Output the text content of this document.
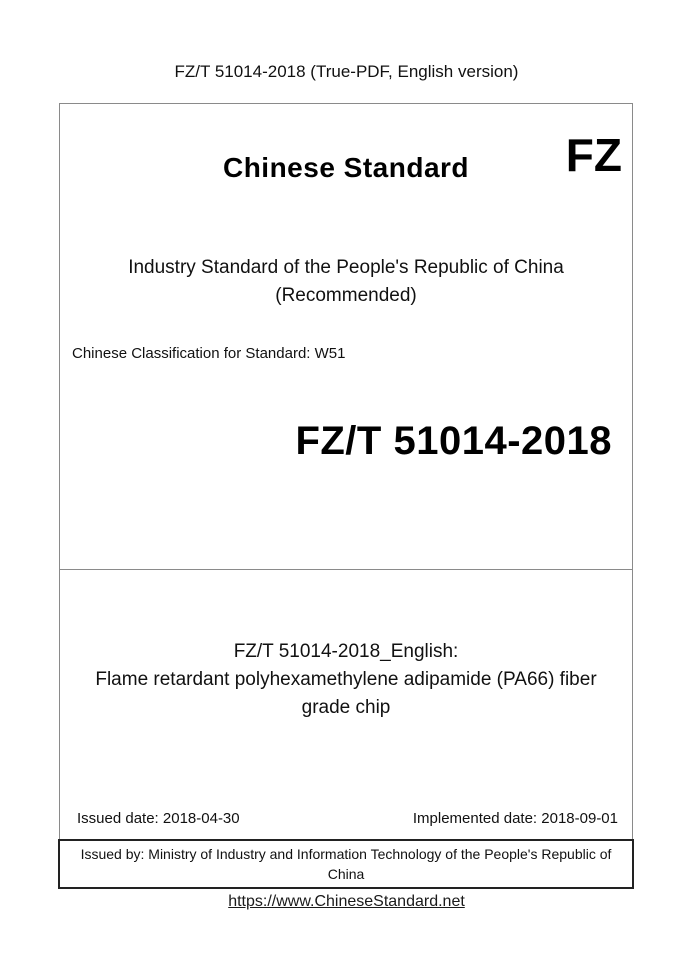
FZ/T 51014-2018 (True-PDF, English version)
Chinese Standard	FZ
Industry Standard of the People's Republic of China
(Recommended)
Chinese Classification for Standard: W51
FZ/T 51014-2018
FZ/T 51014-2018_English:
Flame retardant polyhexamethylene adipamide (PA66) fiber grade chip
Issued date: 2018-04-30	Implemented date: 2018-09-01
Issued by: Ministry of Industry and Information Technology of the People's Republic of China
https://www.ChineseStandard.net
